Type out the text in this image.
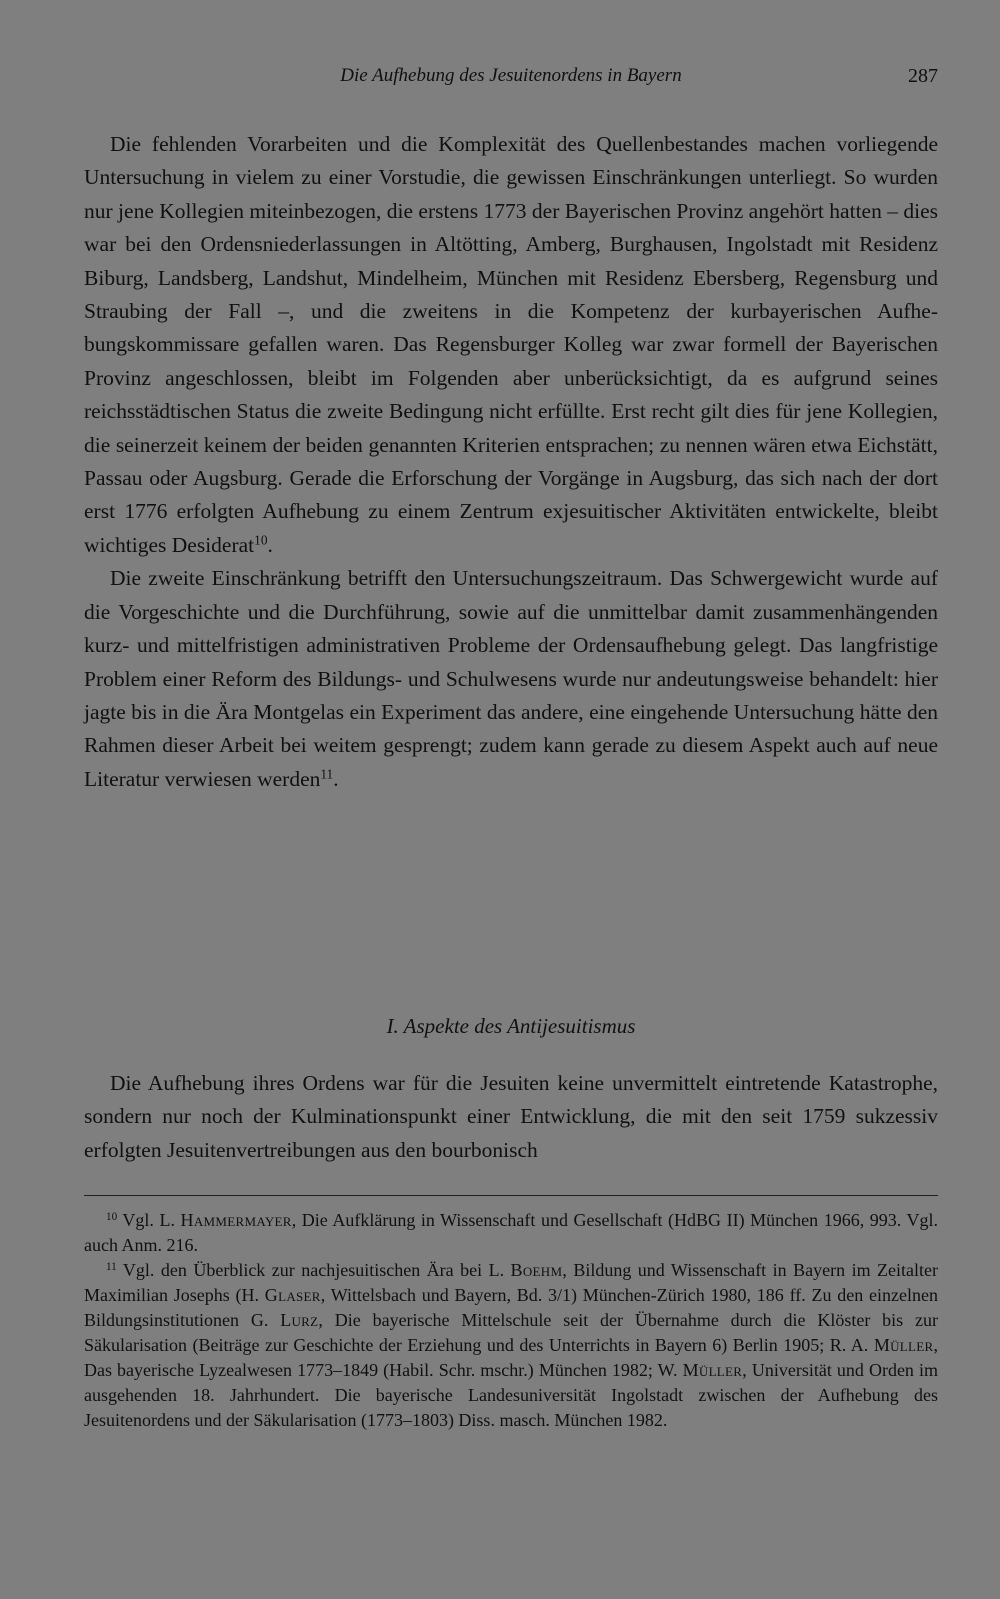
Die Aufhebung des Jesuitenordens in Bayern	287

Die fehlenden Vorarbeiten und die Komplexität des Quellenbestandes machen vorliegende Untersuchung in vielem zu einer Vorstudie, die gewissen Einschränkungen unterliegt. So wurden nur jene Kollegien miteinbezogen, die erstens 1773 der Bayerischen Provinz angehört hatten – dies war bei den Ordensniederlassungen in Altötting, Amberg, Burghausen, Ingolstadt mit Residenz Biburg, Landsberg, Landshut, Mindelheim, München mit Residenz Ebersberg, Regensburg und Straubing der Fall –, und die zweitens in die Kompetenz der kurbayerischen Aufhebungskommissare gefallen waren. Das Regensburger Kolleg war zwar formell der Bayerischen Provinz angeschlossen, bleibt im Folgenden aber unberücksichtigt, da es aufgrund seines reichsstädtischen Status die zweite Bedingung nicht erfüllte. Erst recht gilt dies für jene Kollegien, die seinerzeit keinem der beiden genannten Kriterien entsprachen; zu nennen wären etwa Eichstätt, Passau oder Augsburg. Gerade die Erforschung der Vorgänge in Augsburg, das sich nach der dort erst 1776 erfolgten Aufhebung zu einem Zentrum exjesuitischer Aktivitäten entwickelte, bleibt wichtiges Desiderat$^{10}$.

Die zweite Einschränkung betrifft den Untersuchungszeitraum. Das Schwergewicht wurde auf die Vorgeschichte und die Durchführung, sowie auf die unmittelbar damit zusammenhängenden kurz- und mittelfristigen administrativen Probleme der Ordensaufhebung gelegt. Das langfristige Problem einer Reform des Bildungs- und Schulwesens wurde nur andeutungsweise behandelt: hier jagte bis in die Ära Montgelas ein Experiment das andere, eine eingehende Untersuchung hätte den Rahmen dieser Arbeit bei weitem gesprengt; zudem kann gerade zu diesem Aspekt auch auf neue Literatur verwiesen werden$^{11}$.

I. Aspekte des Antijesuitismus

Die Aufhebung ihres Ordens war für die Jesuiten keine unvermittelt eintretende Katastrophe, sondern nur noch der Kulminationspunkt einer Entwicklung, die mit den seit 1759 sukzessiv erfolgten Jesuitenvertreibungen aus den bourbonisch

$^{10}$ Vgl. L. Hammermayer, Die Aufklärung in Wissenschaft und Gesellschaft (HdBG II) München 1966, 993. Vgl. auch Anm. 216.

$^{11}$ Vgl. den Überblick zur nachjesuitischen Ära bei L. Boehm, Bildung und Wissenschaft in Bayern im Zeitalter Maximilian Josephs (H. Glaser, Wittelsbach und Bayern, Bd. 3/1) München-Zürich 1980, 186 ff. Zu den einzelnen Bildungsinstitutionen G. Lurz, Die bayerische Mittelschule seit der Übernahme durch die Klöster bis zur Säkularisation (Beiträge zur Geschichte der Erziehung und des Unterrichts in Bayern 6) Berlin 1905; R. A. Müller, Das bayerische Lyzealwesen 1773–1849 (Habil. Schr. mschr.) München 1982; W. Müller, Universität und Orden im ausgehenden 18. Jahrhundert. Die bayerische Landesuniversität Ingolstadt zwischen der Aufhebung des Jesuitenordens und der Säkularisation (1773–1803) Diss. masch. München 1982.
